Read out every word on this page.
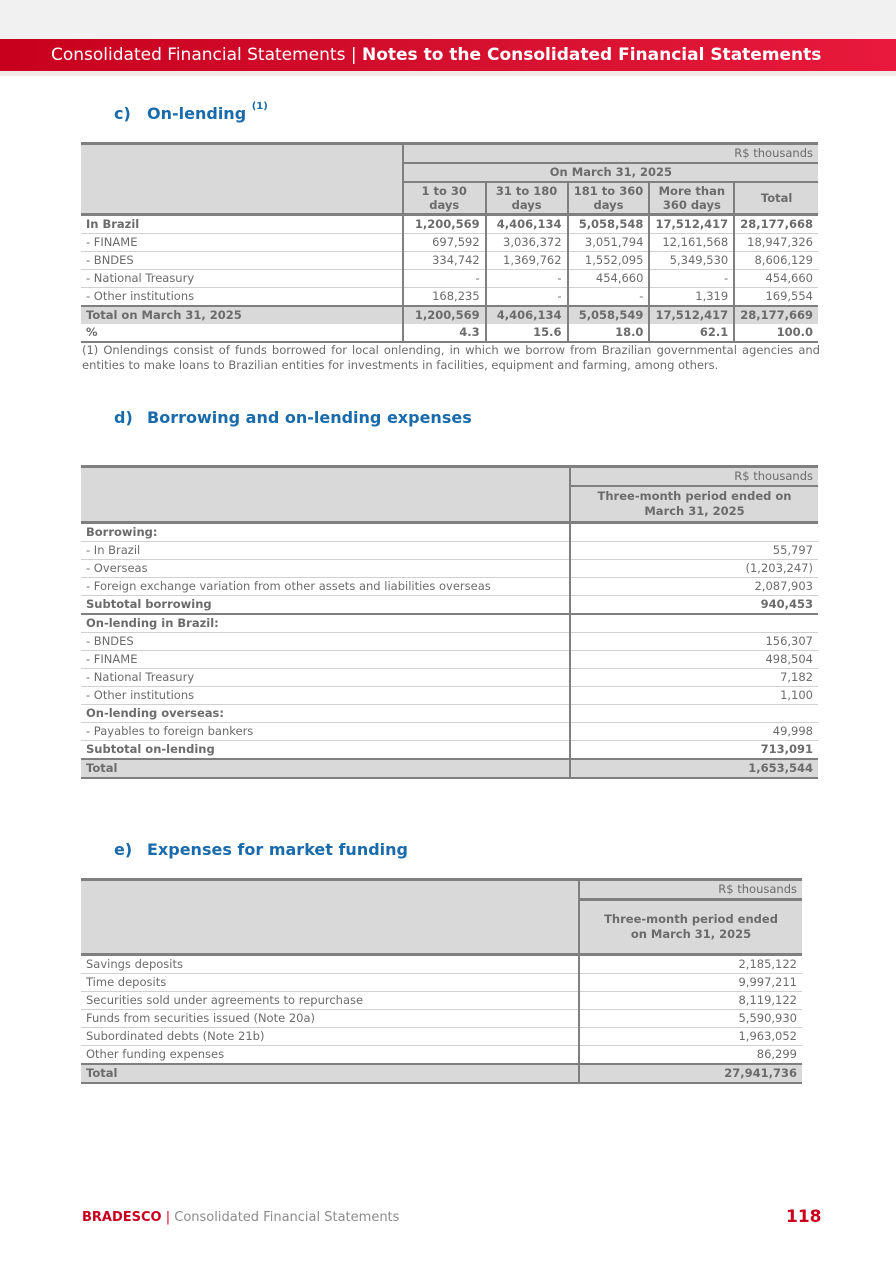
Consolidated Financial Statements | Notes to the Consolidated Financial Statements
c) On-lending $^{(1)}$
	R$ thousands				
	On March 31, 2025				
	1 to 30 days	31 to 180 days	181 to 360 days	More than 360 days	Total
In Brazil	1,200,569	4,406,134	5,058,548	17,512,417	28,177,668
- FINAME	697,592	3,036,372	3,051,794	12,161,568	18,947,326
- BNDES	334,742	1,369,762	1,552,095	5,349,530	8,606,129
- National Treasury	-	-	454,660	-	454,660
- Other institutions	168,235	-	-	1,319	169,554
Total on March 31, 2025	1,200,569	4,406,134	5,058,549	17,512,417	28,177,669
%	4.3	15.6	18.0	62.1	100.0
(1) Onlendings consist of funds borrowed for local onlending, in which we borrow from Brazilian governmental agencies and entities to make loans to Brazilian entities for investments in facilities, equipment and farming, among others.
d) Borrowing and on-lending expenses
	R$ thousands
	Three-month period ended on March 31, 2025
Borrowing:	
- In Brazil	55,797
- Overseas	(1,203,247)
- Foreign exchange variation from other assets and liabilities overseas	2,087,903
Subtotal borrowing	940,453
On-lending in Brazil:	
- BNDES	156,307
- FINAME	498,504
- National Treasury	7,182
- Other institutions	1,100
On-lending overseas:	
- Payables to foreign bankers	49,998
Subtotal on-lending	713,091
Total	1,653,544
e) Expenses for market funding
	R$ thousands
	Three-month period ended on March 31, 2025
Savings deposits	2,185,122
Time deposits	9,997,211
Securities sold under agreements to repurchase	8,119,122
Funds from securities issued (Note 20a)	5,590,930
Subordinated debts (Note 21b)	1,963,052
Other funding expenses	86,299
Total	27,941,736
BRADESCO | Consolidated Financial Statements	118
